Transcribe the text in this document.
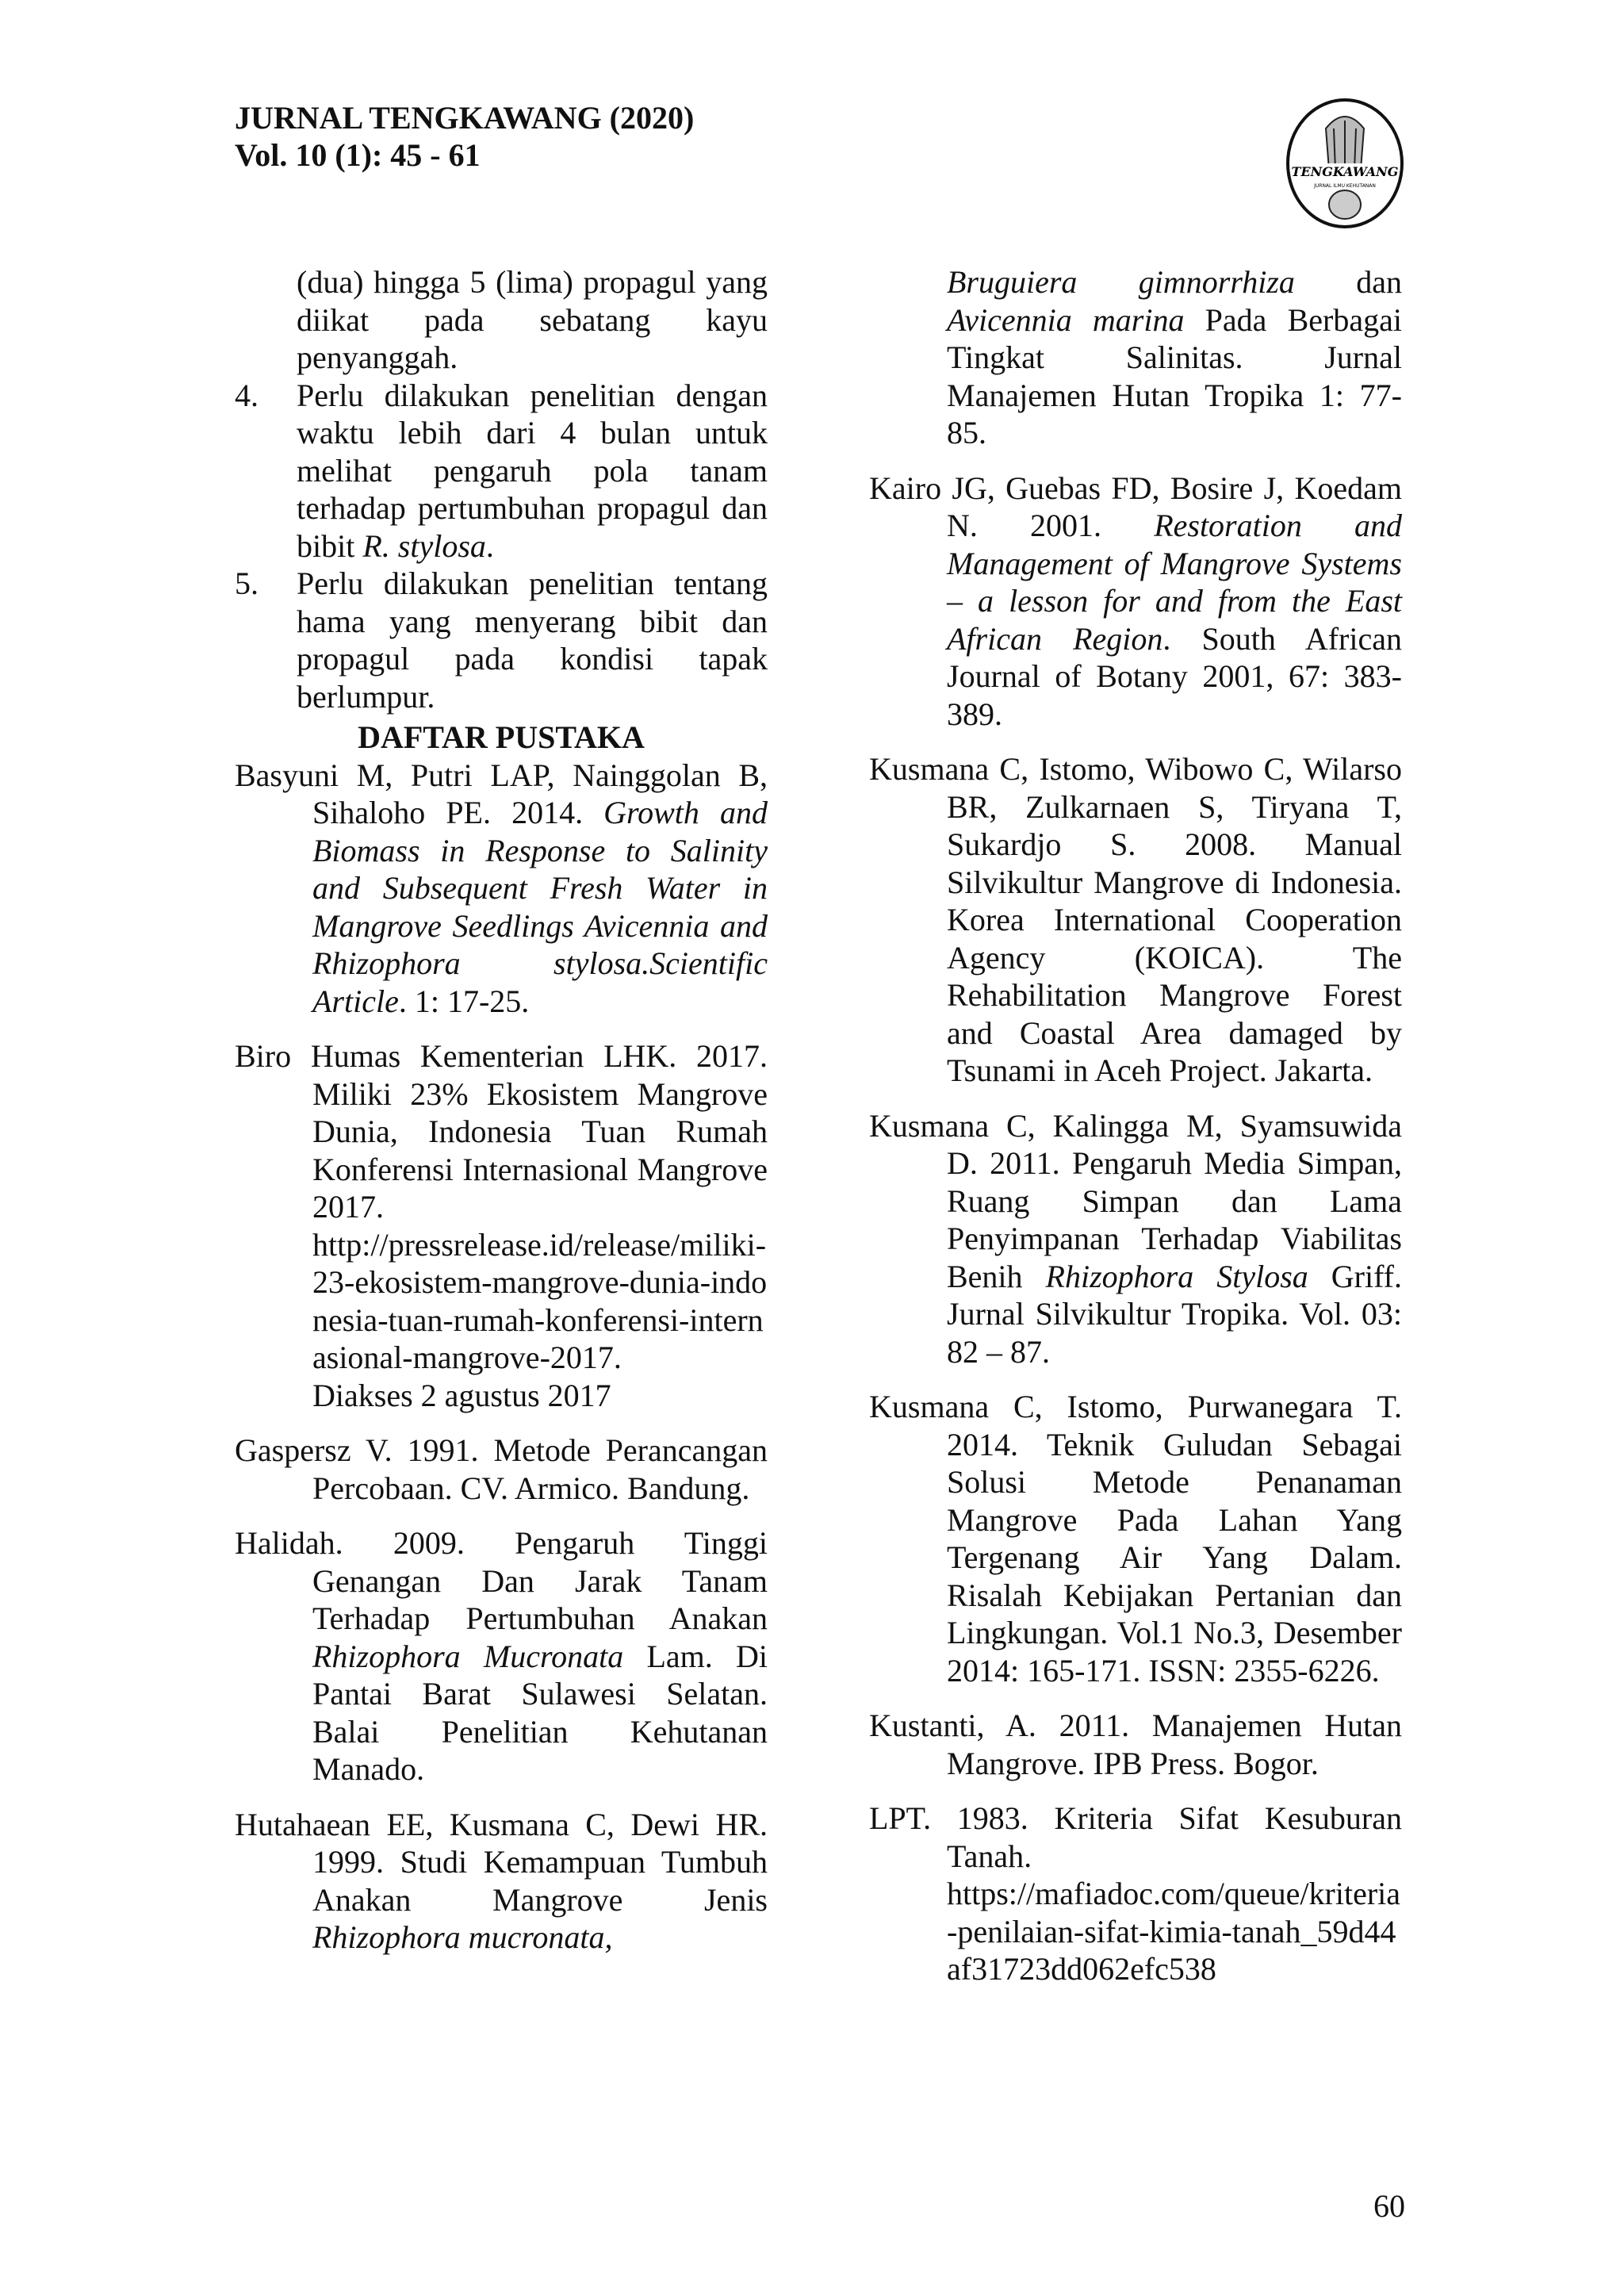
JURNAL TENGKAWANG (2020)
Vol. 10 (1): 45 - 61	TENGKAWANG
JURNAL ILMU KEHUTANAN

(dua) hingga 5 (lima) propagul yang diikat pada sebatang kayu penyanggah.

4.	Perlu dilakukan penelitian dengan waktu lebih dari 4 bulan untuk melihat pengaruh pola tanam terhadap pertumbuhan propagul dan bibit R. stylosa.
5.	Perlu dilakukan penelitian tentang hama yang menyerang bibit dan propagul pada kondisi tapak berlumpur.
DAFTAR PUSTAKA

Basyuni M, Putri LAP, Nainggolan B, Sihaloho PE. 2014. Growth and Biomass in Response to Salinity and Subsequent Fresh Water in Mangrove Seedlings Avicennia and Rhizophora stylosa.Scientific Article. 1: 17-25.

Biro Humas Kementerian LHK. 2017. Miliki 23% Ekosistem Mangrove Dunia, Indonesia Tuan Rumah Konferensi Internasional Mangrove 2017.

http://pressrelease.id/release/miliki-23-ekosistem-mangrove-dunia-indonesia-tuan-rumah-konferensi-internasional-mangrove-2017.

Diakses 2 agustus 2017

Gaspersz V. 1991. Metode Perancangan Percobaan. CV. Armico. Bandung.

Halidah. 2009. Pengaruh Tinggi Genangan Dan Jarak Tanam Terhadap Pertumbuhan Anakan Rhizophora Mucronata Lam. Di Pantai Barat Sulawesi Selatan. Balai Penelitian Kehutanan Manado.

Hutahaean EE, Kusmana C, Dewi HR. 1999. Studi Kemampuan Tumbuh Anakan Mangrove Jenis Rhizophora mucronata,

Bruguiera gimnorrhiza dan Avicennia marina Pada Berbagai Tingkat Salinitas. Jurnal Manajemen Hutan Tropika 1: 77-85.

Kairo JG, Guebas FD, Bosire J, Koedam N. 2001. Restoration and Management of Mangrove Systems – a lesson for and from the East African Region. South African Journal of Botany 2001, 67: 383-389.

Kusmana C, Istomo, Wibowo C, Wilarso BR, Zulkarnaen S, Tiryana T, Sukardjo S. 2008. Manual Silvikultur Mangrove di Indonesia. Korea International Cooperation Agency (KOICA). The Rehabilitation Mangrove Forest and Coastal Area damaged by Tsunami in Aceh Project. Jakarta.

Kusmana C, Kalingga M, Syamsuwida D. 2011. Pengaruh Media Simpan, Ruang Simpan dan Lama Penyimpanan Terhadap Viabilitas Benih Rhizophora Stylosa Griff. Jurnal Silvikultur Tropika. Vol. 03: 82 – 87.

Kusmana C, Istomo, Purwanegara T. 2014. Teknik Guludan Sebagai Solusi Metode Penanaman Mangrove Pada Lahan Yang Tergenang Air Yang Dalam. Risalah Kebijakan Pertanian dan Lingkungan. Vol.1 No.3, Desember 2014: 165-171. ISSN: 2355-6226.

Kustanti, A. 2011. Manajemen Hutan Mangrove. IPB Press. Bogor.

LPT. 1983. Kriteria Sifat Kesuburan Tanah.

https://mafiadoc.com/queue/kriteria-penilaian-sifat-kimia-tanah_59d44af31723dd062efc538

60
